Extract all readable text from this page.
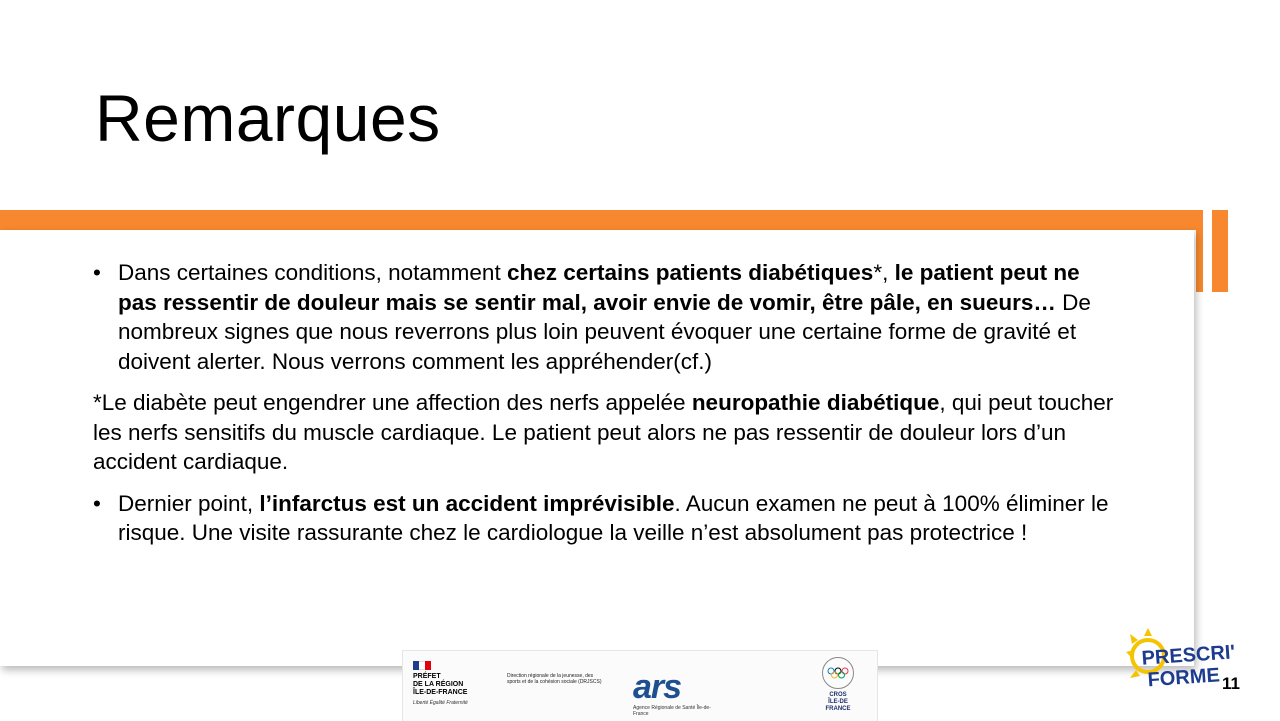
Remarques

• Dans certaines conditions, notamment chez certains patients diabétiques*, le patient peut ne pas ressentir de douleur mais se sentir mal, avoir envie de vomir, être pâle, en sueurs… De nombreux signes que nous reverrons plus loin peuvent évoquer une certaine forme de gravité et doivent alerter. Nous verrons comment les appréhender(cf.)

*Le diabète peut engendrer une affection des nerfs appelée neuropathie diabétique, qui peut toucher les nerfs sensitifs du muscle cardiaque. Le patient peut alors ne pas ressentir de douleur lors d’un accident cardiaque.

• Dernier point, l’infarctus est un accident imprévisible. Aucun examen ne peut à 100% éliminer le risque. Une visite rassurante chez le cardiologue la veille n’est absolument pas protectrice !

PRÉFET
DE LA RÉGION
ÎLE-DE-FRANCE
Liberté Égalité Fraternité
Direction régionale de la jeunesse, des sports et de la cohésion sociale (DRJSCS) ars
Agence Régionale de Santé Île-de-France
CROS
ÎLE-DE
FRANCE
PRESCRI'
FORME 11
